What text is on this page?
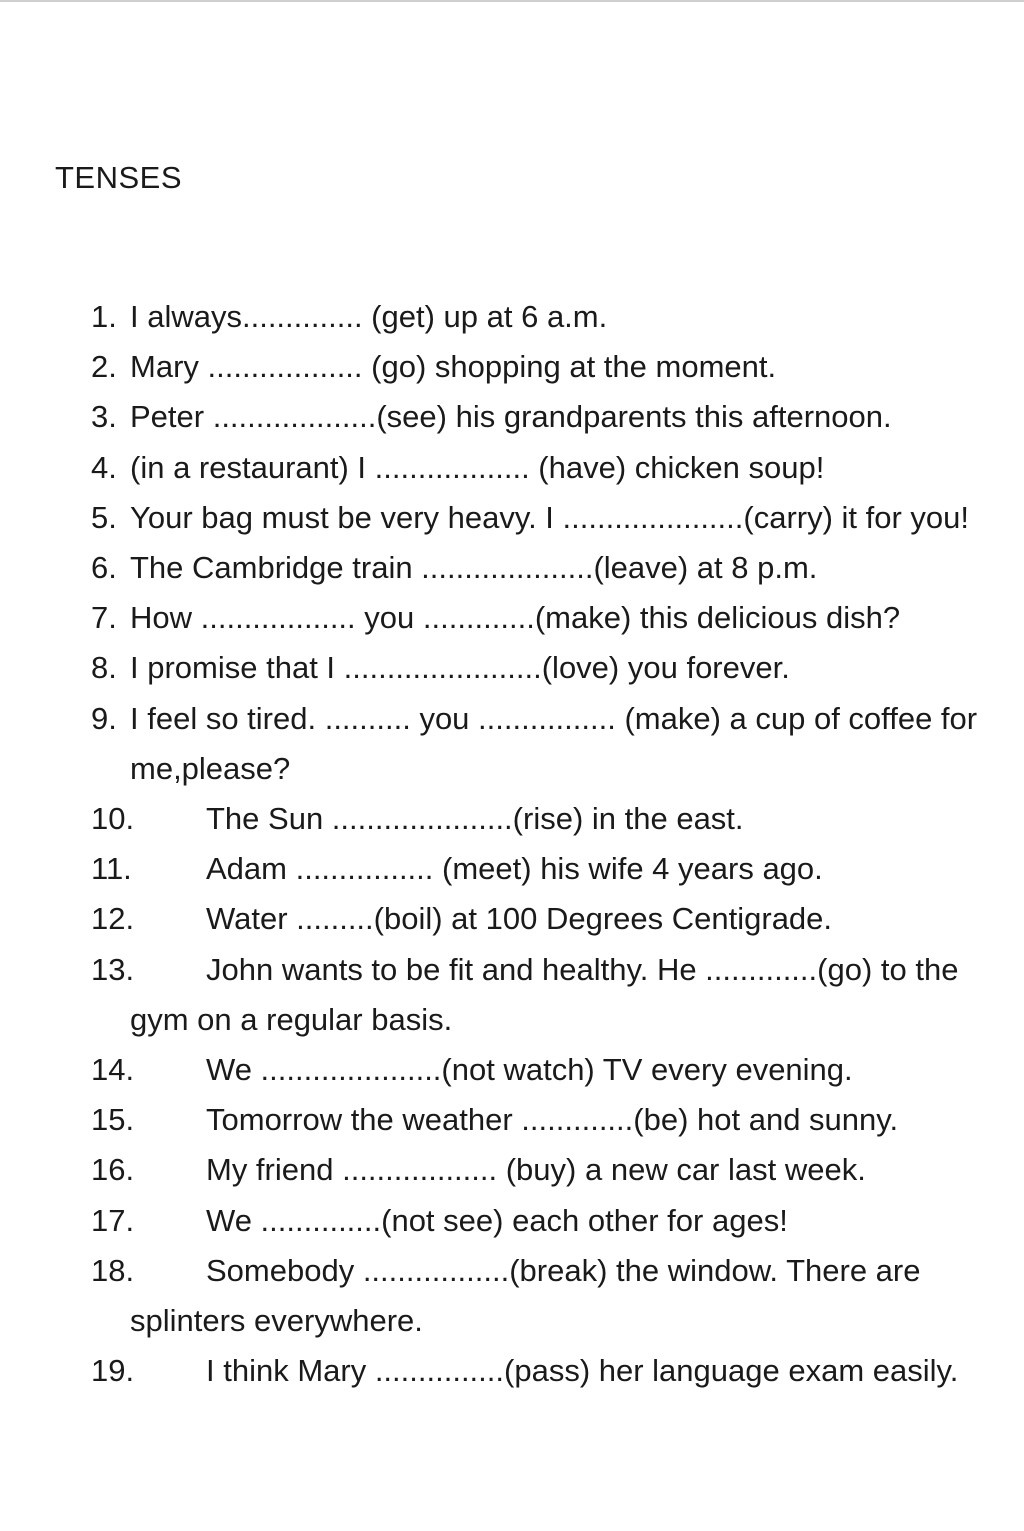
TENSES
1. I always.............. (get) up at 6 a.m.
2. Mary .................. (go) shopping at the moment.
3. Peter ...................(see) his grandparents this afternoon.
4. (in a restaurant) I .................. (have) chicken soup!
5. Your bag must be very heavy. I .....................(carry) it for you!
6. The Cambridge train ....................(leave) at 8 p.m.
7. How .................. you .............(make) this delicious dish?
8. I promise that I .......................(love) you forever.
9. I feel so tired. .......... you ................ (make) a cup of coffee for me,please?
10. The Sun .....................(rise) in the east.
11. Adam ................ (meet) his wife 4 years ago.
12. Water .........(boil) at 100 Degrees Centigrade.
13. John wants to be fit and healthy. He .............(go) to the gym on a regular basis.
14. We .....................(not watch) TV every evening.
15. Tomorrow the weather .............(be) hot and sunny.
16. My friend .................. (buy) a new car last week.
17. We ..............(not see) each other for ages!
18. Somebody .................(break) the window. There are splinters everywhere.
19. I think Mary ...............(pass) her language exam easily.
